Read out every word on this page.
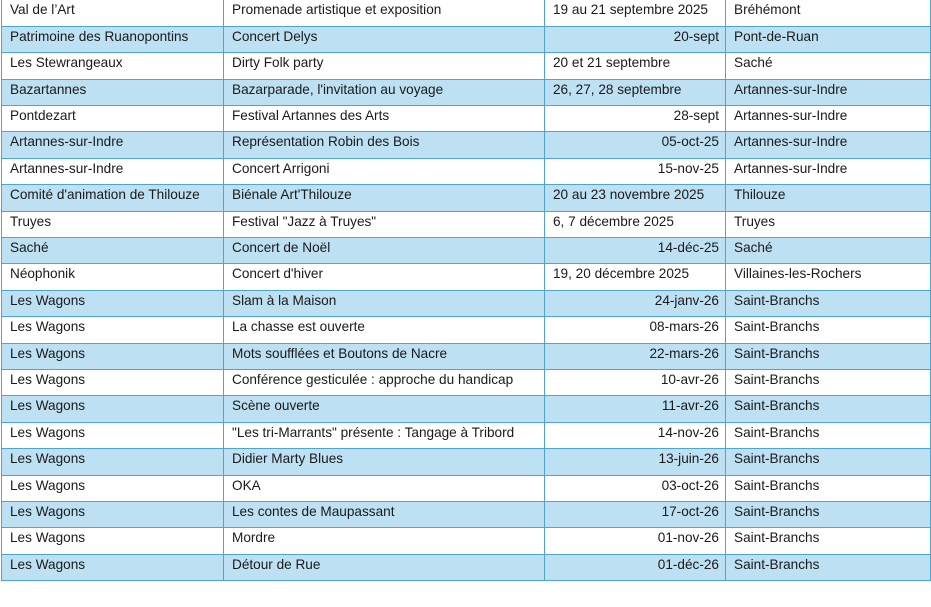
Val de l’Art	Promenade artistique et exposition	19 au 21 septembre 2025	Bréhémont
Patrimoine des Ruanopontins	Concert Delys	20-sept	Pont-de-Ruan
Les Stewrangeaux	Dirty Folk party	20 et 21 septembre	Saché
Bazartannes	Bazarparade, l'invitation au voyage	26, 27, 28 septembre	Artannes-sur-Indre
Pontdezart	Festival Artannes des Arts	28-sept	Artannes-sur-Indre
Artannes-sur-Indre	Représentation Robin des Bois	05-oct-25	Artannes-sur-Indre
Artannes-sur-Indre	Concert Arrigoni	15-nov-25	Artannes-sur-Indre
Comité d'animation de Thilouze	Biénale Art'Thilouze	20 au 23 novembre 2025	Thilouze
Truyes	Festival "Jazz à Truyes"	6, 7 décembre 2025	Truyes
Saché	Concert de Noël	14-déc-25	Saché
Néophonik	Concert d'hiver	19, 20 décembre 2025	Villaines-les-Rochers
Les Wagons	Slam à la Maison	24-janv-26	Saint-Branchs
Les Wagons	La chasse est ouverte	08-mars-26	Saint-Branchs
Les Wagons	Mots soufflées et Boutons de Nacre	22-mars-26	Saint-Branchs
Les Wagons	Conférence gesticulée : approche du handicap	10-avr-26	Saint-Branchs
Les Wagons	Scène ouverte	11-avr-26	Saint-Branchs
Les Wagons	"Les tri-Marrants" présente : Tangage à Tribord	14-nov-26	Saint-Branchs
Les Wagons	Didier Marty Blues	13-juin-26	Saint-Branchs
Les Wagons	OKA	03-oct-26	Saint-Branchs
Les Wagons	Les contes de Maupassant	17-oct-26	Saint-Branchs
Les Wagons	Mordre	01-nov-26	Saint-Branchs
Les Wagons	Détour de Rue	01-déc-26	Saint-Branchs
